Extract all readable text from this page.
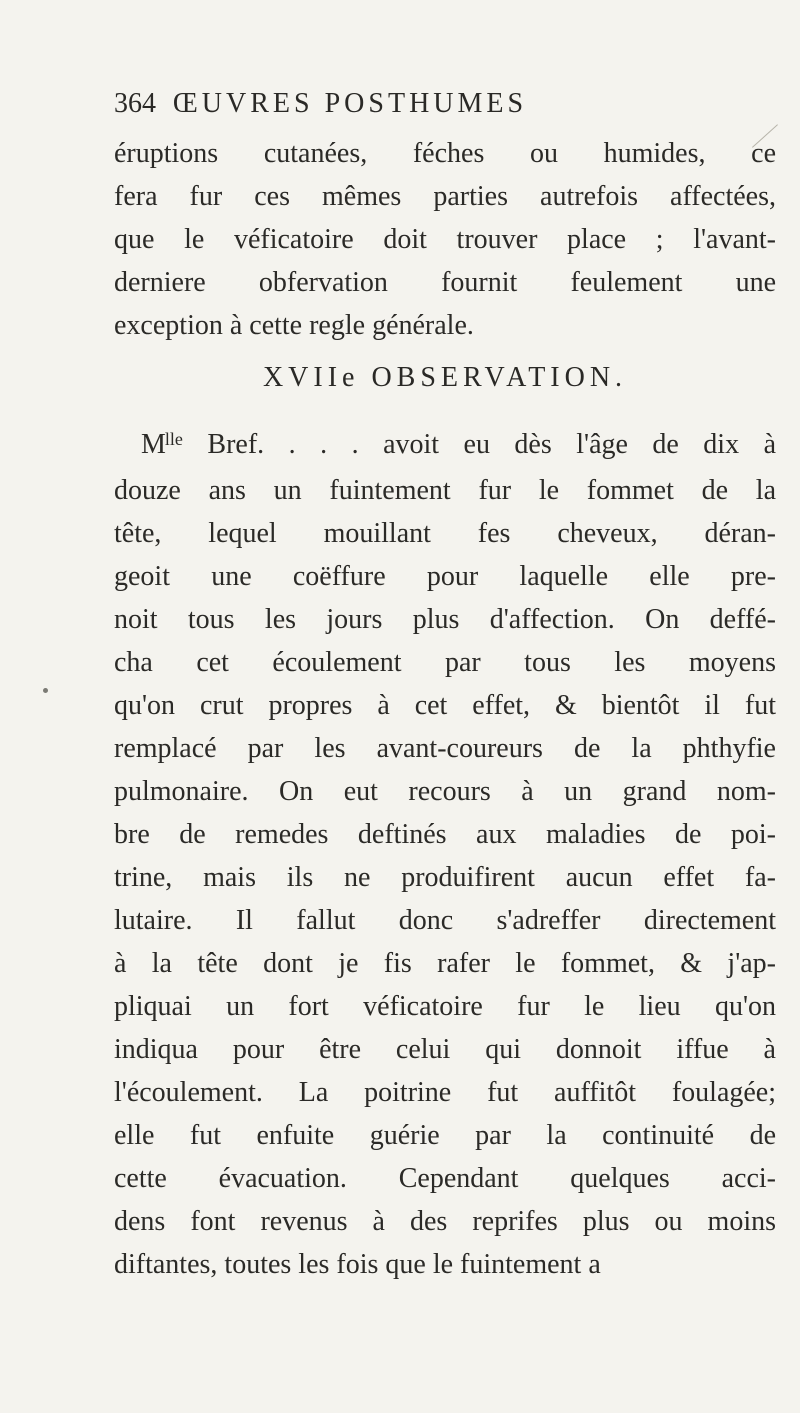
364 ŒUVRES POSTHUMES
éruptions cutanées, féches ou humides, ce
fera fur ces mêmes parties autrefois affectées,
que le véficatoire doit trouver place ; l'avant-
derniere obfervation fournit feulement une
exception à cette regle générale.
XVIIe OBSERVATION.
$M^{lle}$ Bref. . . . avoit eu dès l'âge de dix à
douze ans un fuintement fur le fommet de la
tête, lequel mouillant fes cheveux, déran-
geoit une coëffure pour laquelle elle pre-
noit tous les jours plus d'affection. On deffé-
cha cet écoulement par tous les moyens
qu'on crut propres à cet effet, & bientôt il fut
remplacé par les avant-coureurs de la phthyfie
pulmonaire. On eut recours à un grand nom-
bre de remedes deftinés aux maladies de poi-
trine, mais ils ne produifirent aucun effet fa-
lutaire. Il fallut donc s'adreffer directement
à la tête dont je fis rafer le fommet, & j'ap-
pliquai un fort véficatoire fur le lieu qu'on
indiqua pour être celui qui donnoit iffue à
l'écoulement. La poitrine fut auffitôt foulagée;
elle fut enfuite guérie par la continuité de
cette évacuation. Cependant quelques acci-
dens font revenus à des reprifes plus ou moins
diftantes, toutes les fois que le fuintement a
